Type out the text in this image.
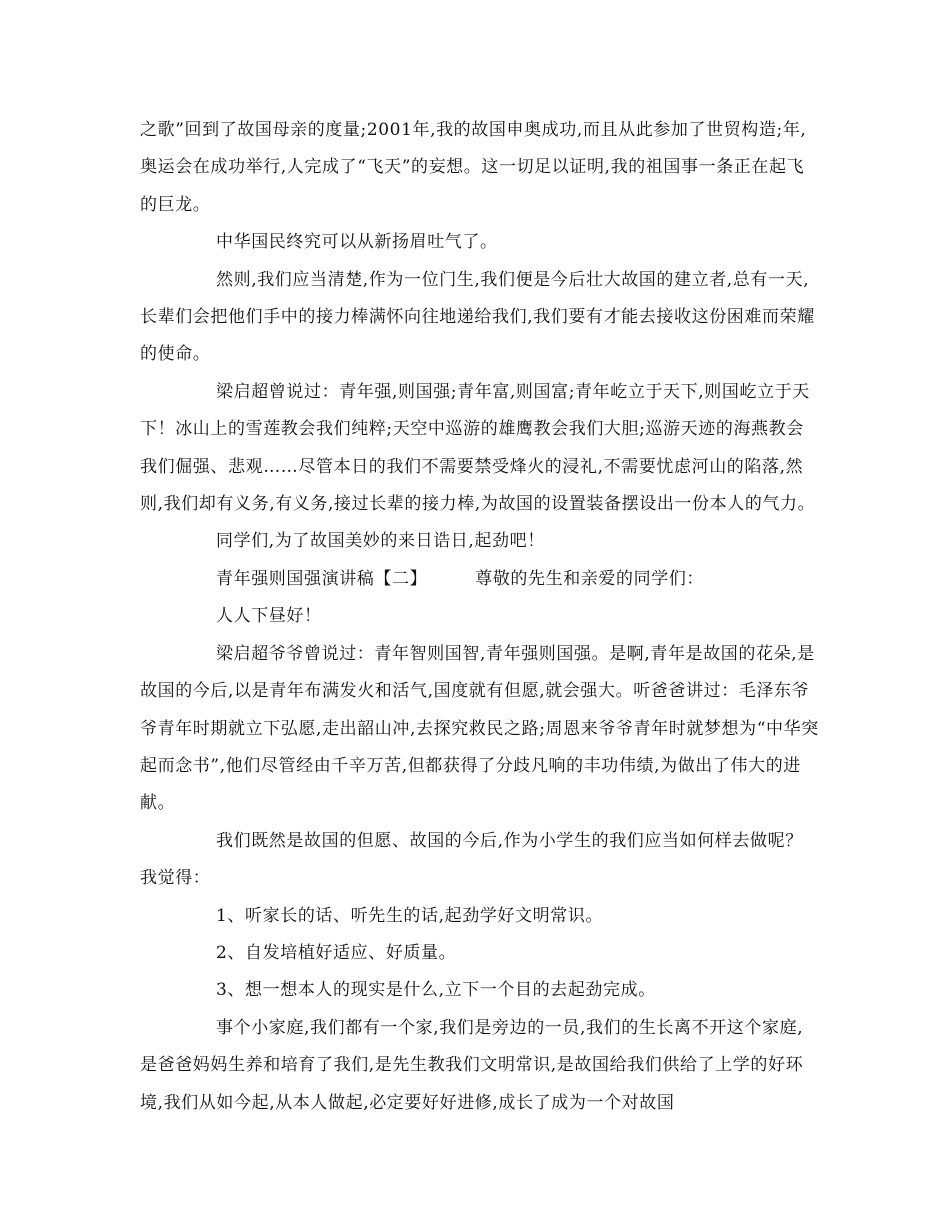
之歌”回到了故国母亲的度量;2001年,我的故国申奥成功,而且从此参加了世贸构造;年,奥运会在成功举行,人完成了“飞天”的妄想。这一切足以证明,我的祖国事一条正在起飞的巨龙。

中华国民终究可以从新扬眉吐气了。

然则,我们应当清楚,作为一位门生,我们便是今后壮大故国的建立者,总有一天,长辈们会把他们手中的接力棒满怀向往地递给我们,我们要有才能去接收这份困难而荣耀的使命。

梁启超曾说过：青年强,则国强;青年富,则国富;青年屹立于天下,则国屹立于天下！冰山上的雪莲教会我们纯粹;天空中巡游的雄鹰教会我们大胆;巡游天迹的海燕教会我们倔强、悲观……尽管本日的我们不需要禁受烽火的浸礼,不需要忧虑河山的陷落,然则,我们却有义务,有义务,接过长辈的接力棒,为故国的设置装备摆设出一份本人的气力。

同学们,为了故国美妙的来日诰日,起劲吧！

青年强则国强演讲稿【二】	尊敬的先生和亲爱的同学们：

人人下昼好！

梁启超爷爷曾说过：青年智则国智,青年强则国强。是啊,青年是故国的花朵,是故国的今后,以是青年布满发火和活气,国度就有但愿,就会强大。听爸爸讲过：毛泽东爷爷青年时期就立下弘愿,走出韶山冲,去探究救民之路;周恩来爷爷青年时就梦想为“中华突起而念书”,他们尽管经由千辛万苦,但都获得了分歧凡响的丰功伟绩,为做出了伟大的进献。

我们既然是故国的但愿、故国的今后,作为小学生的我们应当如何样去做呢？我觉得：

1、听家长的话、听先生的话,起劲学好文明常识。

2、自发培植好适应、好质量。

3、想一想本人的现实是什么,立下一个目的去起劲完成。

事个小家庭,我们都有一个家,我们是旁边的一员,我们的生长离不开这个家庭,是爸爸妈妈生养和培育了我们,是先生教我们文明常识,是故国给我们供给了上学的好环境,我们从如今起,从本人做起,必定要好好进修,成长了成为一个对故国
